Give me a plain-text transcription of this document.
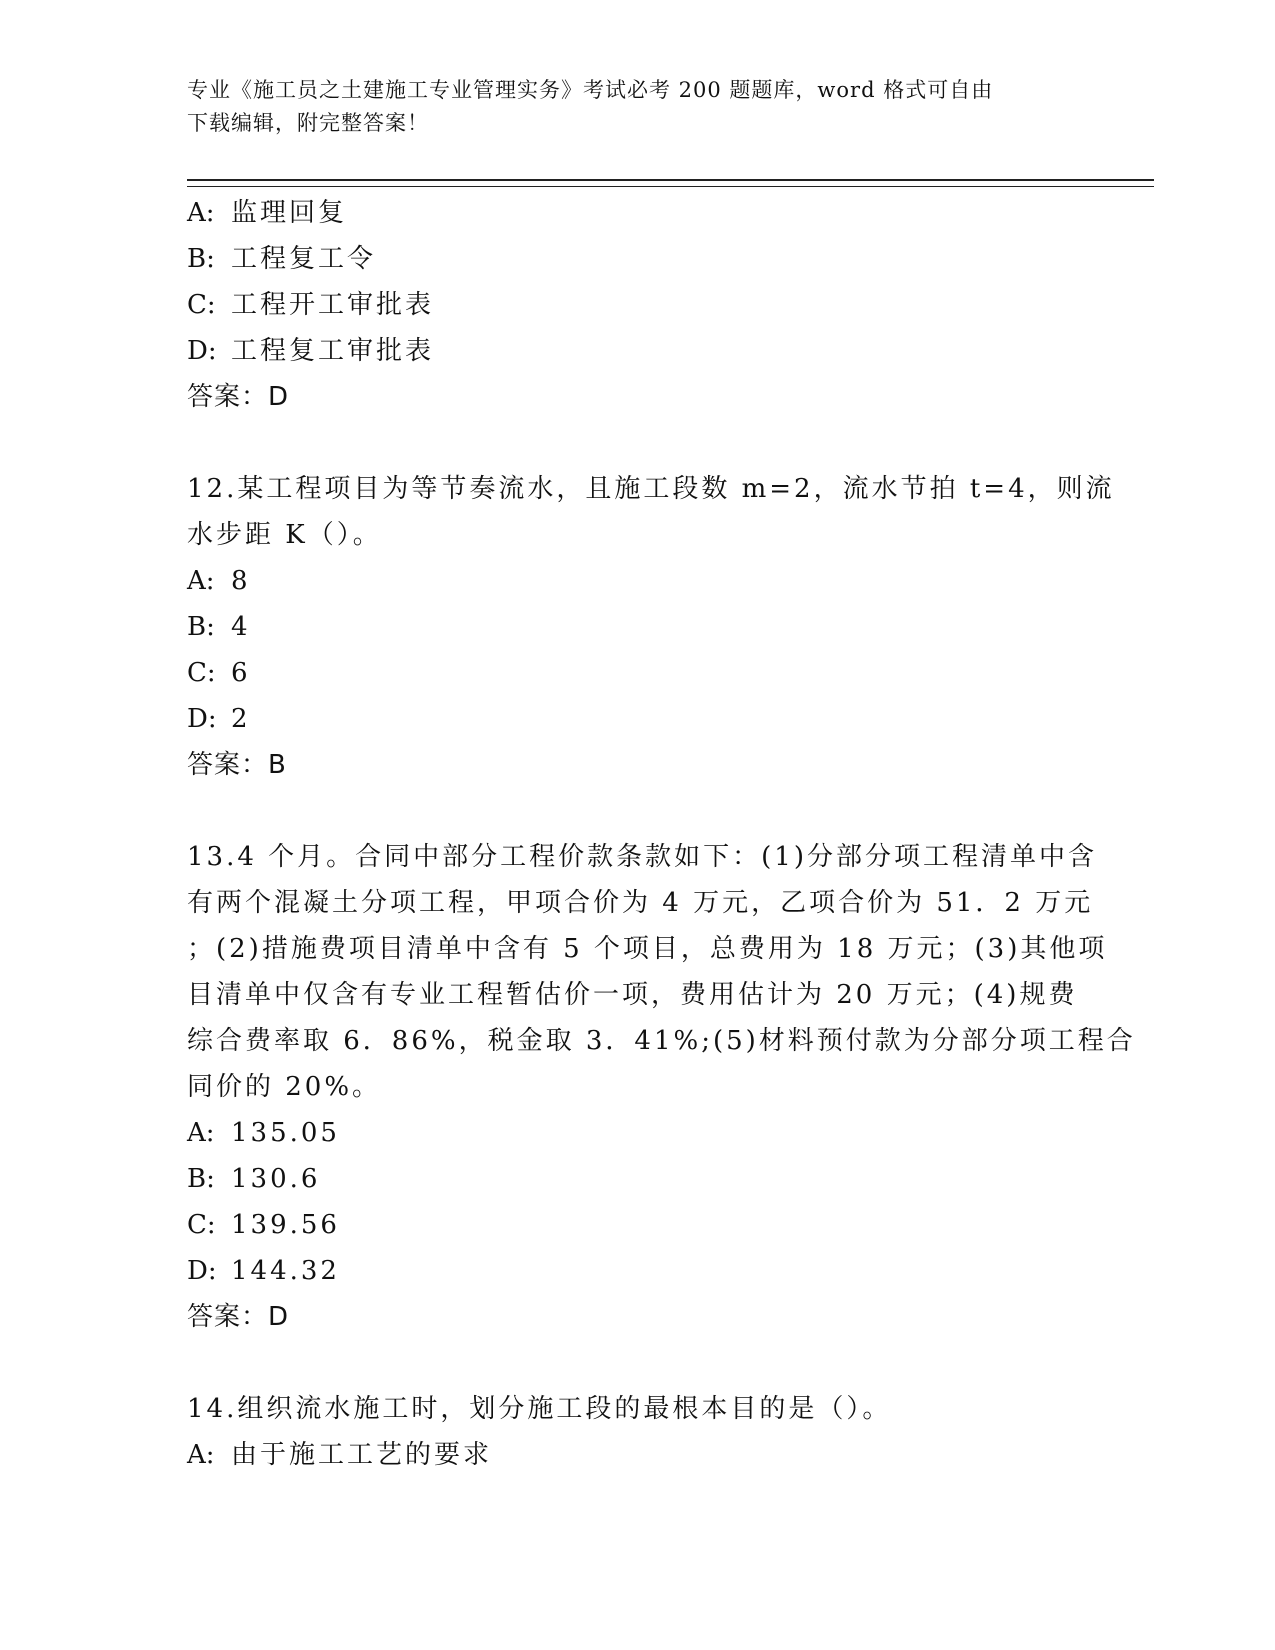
专业《施工员之土建施工专业管理实务》考试必考 200 题题库，word 格式可自由
下载编辑，附完整答案！
A: 监理回复
B: 工程复工令
C: 工程开工审批表
D: 工程复工审批表
答案：D
12.某工程项目为等节奏流水，且施工段数 m=2，流水节拍 t=4，则流
水步距 K（）。
A: 8
B: 4
C: 6
D: 2
答案：B
13.4 个月。合同中部分工程价款条款如下：(1)分部分项工程清单中含
有两个混凝土分项工程，甲项合价为 4 万元，乙项合价为 51．2 万元
；(2)措施费项目清单中含有 5 个项目，总费用为 18 万元；(3)其他项
目清单中仅含有专业工程暂估价一项，费用估计为 20 万元；(4)规费
综合费率取 6．86%，税金取 3．41%;(5)材料预付款为分部分项工程合
同价的 20%。
A: 135.05
B: 130.6
C: 139.56
D: 144.32
答案：D
14.组织流水施工时，划分施工段的最根本目的是（）。
A: 由于施工工艺的要求
